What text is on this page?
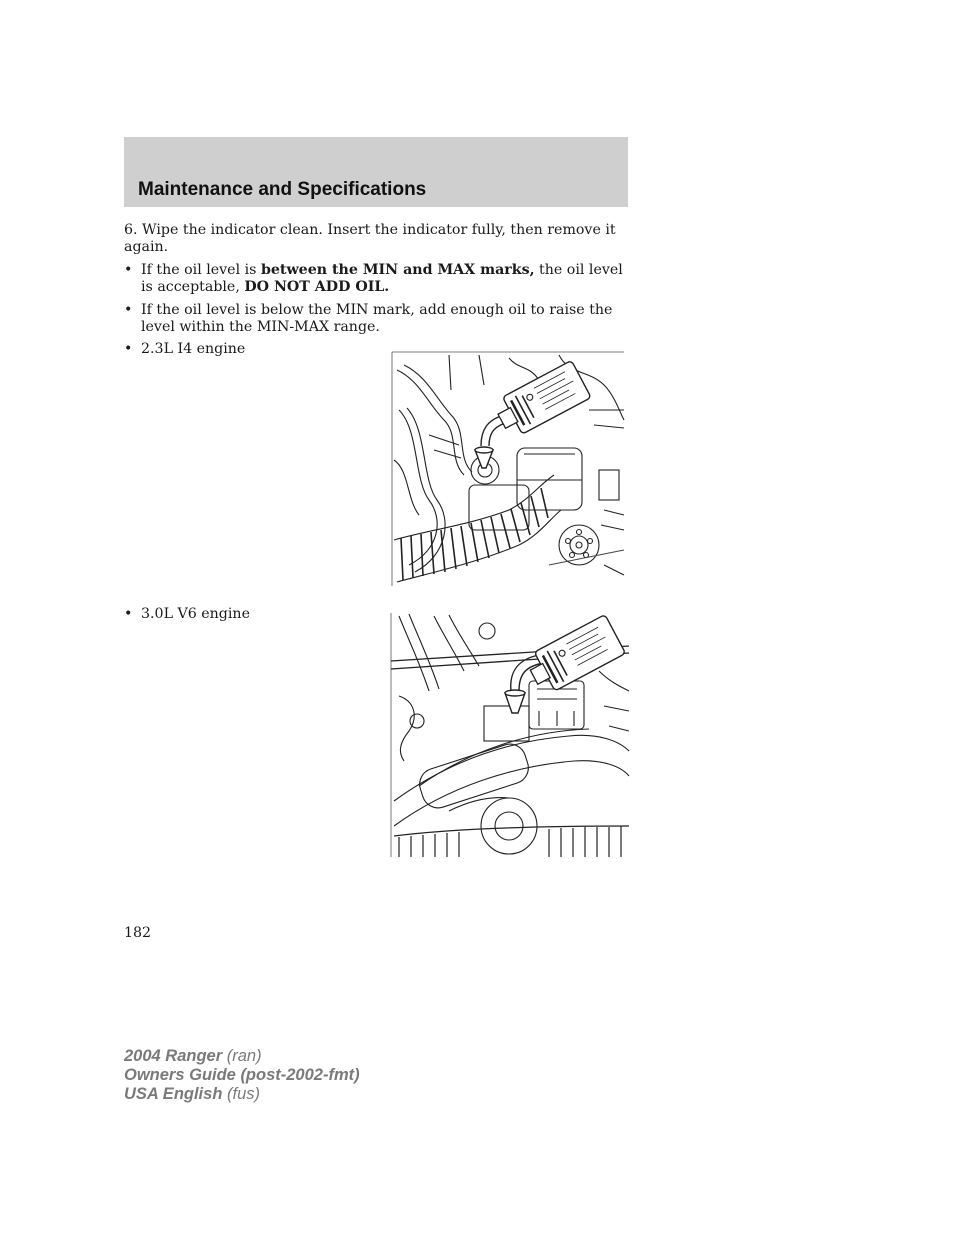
Maintenance and Specifications

6. Wipe the indicator clean. Insert the indicator fully, then remove it again.

• If the oil level is between the MIN and MAX marks, the oil level is acceptable, DO NOT ADD OIL.
• If the oil level is below the MIN mark, add enough oil to raise the level within the MIN-MAX range.
• 2.3L I4 engine
• 3.0L V6 engine
182
2004 Ranger (ran)
Owners Guide (post-2002-fmt)
USA English (fus)
